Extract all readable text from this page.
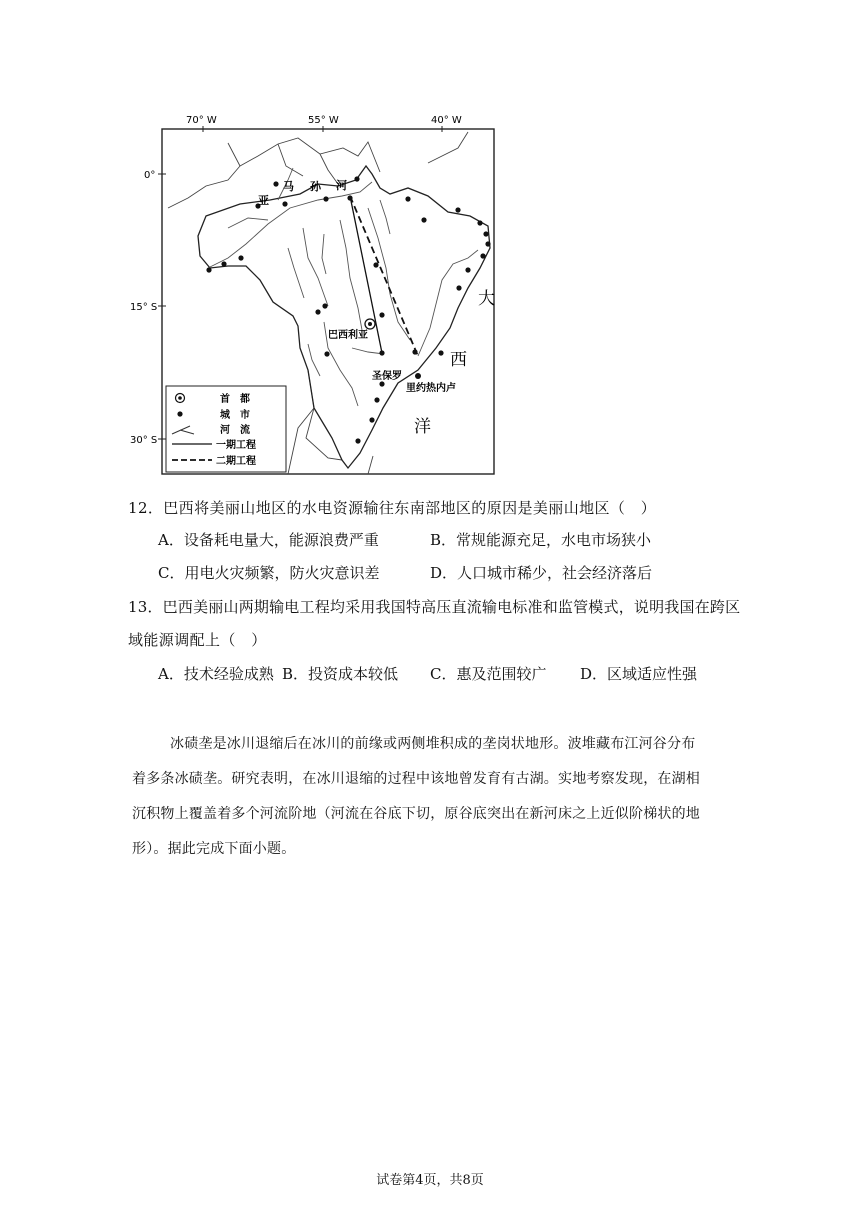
70° W	55° W	40° W
0°
15° S
30° S
亚
马 孙 河
巴西利亚
圣保罗
里约热内卢
大
西
洋
首　都
城　市
河　流
一期工程
二期工程
12．巴西将美丽山地区的水电资源输往东南部地区的原因是美丽山地区（　）
A．设备耗电量大，能源浪费严重	B．常规能源充足，水电市场狭小
C．用电火灾频繁，防火灾意识差	D．人口城市稀少，社会经济落后
13．巴西美丽山两期输电工程均采用我国特高压直流输电标准和监管模式，说明我国在跨区
域能源调配上（　）
A．技术经验成熟 B．投资成本较低 C．惠及范围较广 D．区域适应性强
冰碛垄是冰川退缩后在冰川的前缘或两侧堆积成的垄岗状地形。波堆藏布江河谷分布
着多条冰碛垄。研究表明，在冰川退缩的过程中该地曾发育有古湖。实地考察发现，在湖相
沉积物上覆盖着多个河流阶地（河流在谷底下切，原谷底突出在新河床之上近似阶梯状的地
形）。据此完成下面小题。
试卷第4页，共8页
